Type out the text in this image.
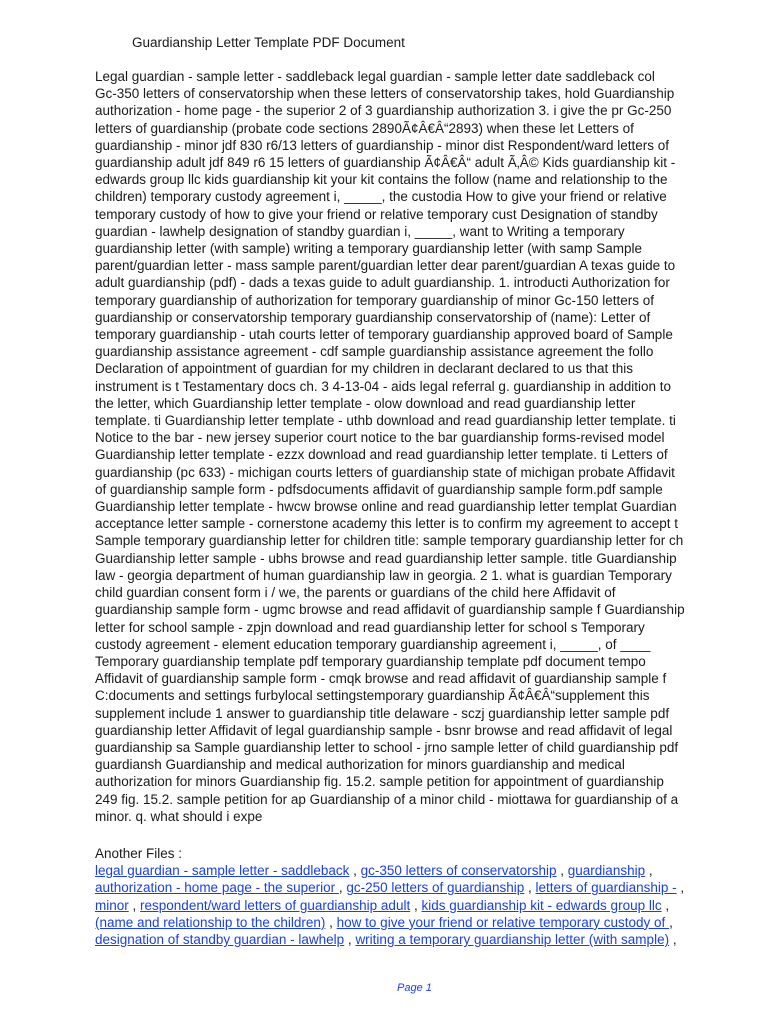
Guardianship Letter Template PDF Document
Legal guardian - sample letter - saddleback legal guardian - sample letter date saddleback col
Gc-350 letters of conservatorship when these letters of conservatorship takes, hold Guardianship
authorization - home page - the superior 2 of 3 guardianship authorization 3. i give the pr Gc-250
letters of guardianship (probate code sections 2890Ã¢Â€Â“2893) when these let Letters of
guardianship - minor jdf 830 r6/13 letters of guardianship - minor dist Respondent/ward letters of
guardianship adult jdf 849 r6 15 letters of guardianship Ã¢Â€Â“ adult Ã‚Â© Kids guardianship kit -
edwards group llc kids guardianship kit your kit contains the follow (name and relationship to the
children) temporary custody agreement i, _____, the custodia How to give your friend or relative
temporary custody of how to give your friend or relative temporary cust Designation of standby
guardian - lawhelp designation of standby guardian i, _____, want to Writing a temporary
guardianship letter (with sample) writing a temporary guardianship letter (with samp Sample
parent/guardian letter - mass sample parent/guardian letter dear parent/guardian A texas guide to
adult guardianship (pdf) - dads a texas guide to adult guardianship. 1. introducti Authorization for
temporary guardianship of authorization for temporary guardianship of minor Gc-150 letters of
guardianship or conservatorship temporary guardianship conservatorship of (name): Letter of
temporary guardianship - utah courts letter of temporary guardianship approved board of Sample
guardianship assistance agreement - cdf sample guardianship assistance agreement the follo
Declaration of appointment of guardian for my children in declarant declared to us that this
instrument is t Testamentary docs ch. 3 4-13-04 - aids legal referral g. guardianship in addition to
the letter, which Guardianship letter template - olow download and read guardianship letter
template. ti Guardianship letter template - uthb download and read guardianship letter template. ti
Notice to the bar - new jersey superior court notice to the bar guardianship forms-revised model
Guardianship letter template - ezzx download and read guardianship letter template. ti Letters of
guardianship (pc 633) - michigan courts letters of guardianship state of michigan probate Affidavit
of guardianship sample form - pdfsdocuments affidavit of guardianship sample form.pdf sample
Guardianship letter template - hwcw browse online and read guardianship letter templat Guardian
acceptance letter sample - cornerstone academy this letter is to confirm my agreement to accept t
Sample temporary guardianship letter for children title: sample temporary guardianship letter for ch
Guardianship letter sample - ubhs browse and read guardianship letter sample. title Guardianship
law - georgia department of human guardianship law in georgia. 2 1. what is guardian Temporary
child guardian consent form i / we, the parents or guardians of the child here Affidavit of
guardianship sample form - ugmc browse and read affidavit of guardianship sample f Guardianship
letter for school sample - zpjn download and read guardianship letter for school s Temporary
custody agreement - element education temporary guardianship agreement i, _____, of ____
Temporary guardianship template pdf temporary guardianship template pdf document tempo
Affidavit of guardianship sample form - cmqk browse and read affidavit of guardianship sample f
C:documents and settings furbylocal settingstemporary guardianship Ã¢Â€Â“supplement this
supplement include 1 answer to guardianship title delaware - sczj guardianship letter sample pdf
guardianship letter Affidavit of legal guardianship sample - bsnr browse and read affidavit of legal
guardianship sa Sample guardianship letter to school - jrno sample letter of child guardianship pdf
guardiansh Guardianship and medical authorization for minors guardianship and medical
authorization for minors Guardianship fig. 15.2. sample petition for appointment of guardianship
249 fig. 15.2. sample petition for ap Guardianship of a minor child - miottawa for guardianship of a
minor. q. what should i expe
Another Files :
legal guardian - sample letter - saddleback , gc-350 letters of conservatorship , guardianship ,
authorization - home page - the superior , gc-250 letters of guardianship , letters of guardianship - ,
minor , respondent/ward letters of guardianship adult , kids guardianship kit - edwards group llc ,
(name and relationship to the children) , how to give your friend or relative temporary custody of ,
designation of standby guardian - lawhelp , writing a temporary guardianship letter (with sample) ,
Page 1
